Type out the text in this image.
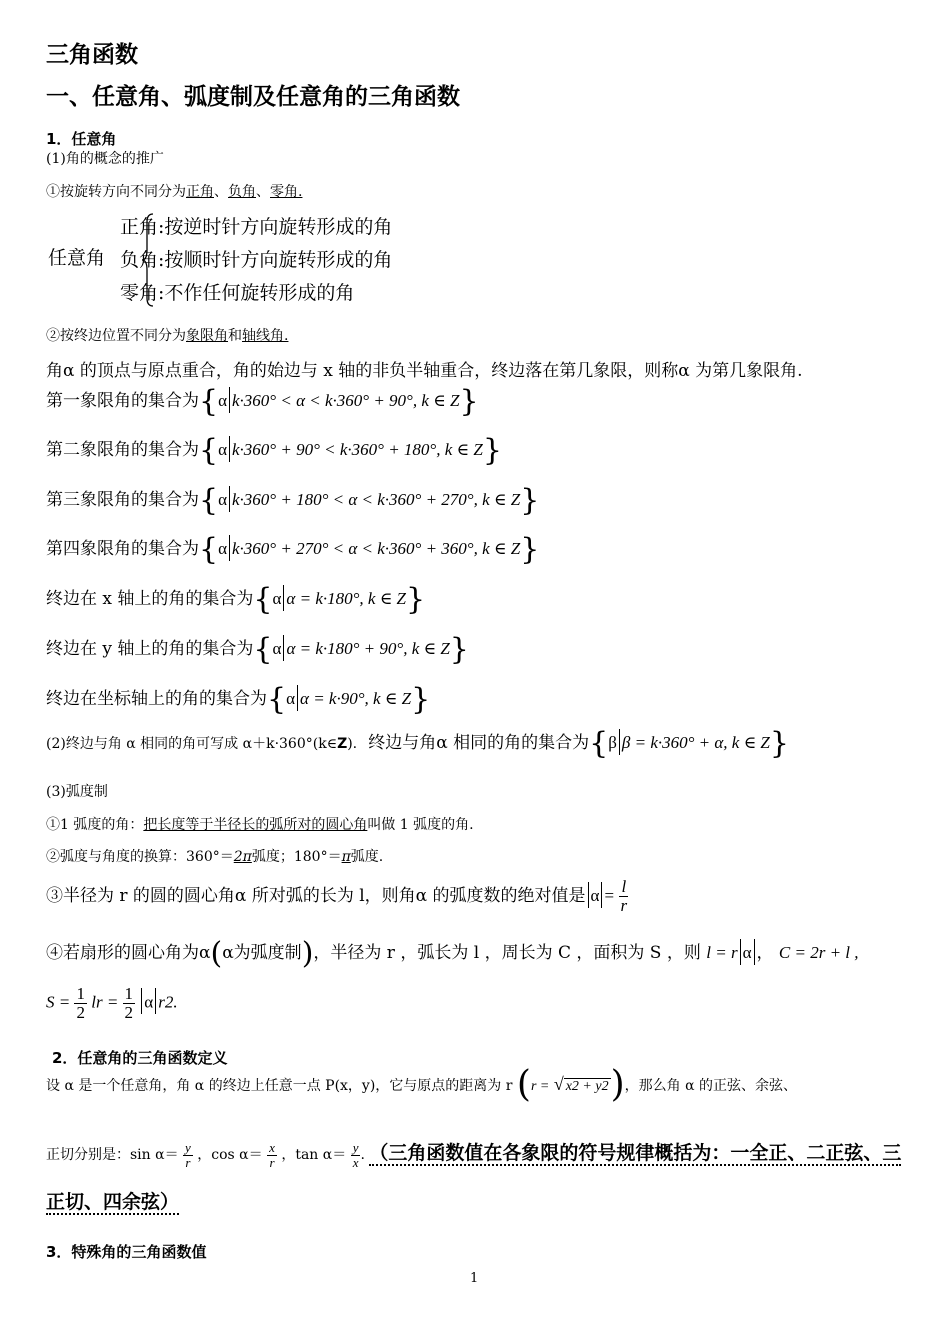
三角函数
一、任意角、弧度制及任意角的三角函数
1．任意角
(1)角的概念的推广
①按旋转方向不同分为正角、负角、零角.
任意角
正角:按逆时针方向旋转形成的角
负角:按顺时针方向旋转形成的角
零角:不作任何旋转形成的角
②按终边位置不同分为象限角和轴线角.
角α 的顶点与原点重合，角的始边与 x 轴的非负半轴重合，终边落在第几象限，则称α 为第几象限角.
第一象限角的集合为{α k·360° < α < k·360° + 90°, k ∈ Z}
第二象限角的集合为{α k·360° + 90° < k·360° + 180°, k ∈ Z}
第三象限角的集合为{α k·360° + 180° < α < k·360° + 270°, k ∈ Z}
第四象限角的集合为{α k·360° + 270° < α < k·360° + 360°, k ∈ Z}
终边在 x 轴上的角的集合为{α α = k·180°, k ∈ Z}
终边在 y 轴上的角的集合为{α α = k·180° + 90°, k ∈ Z}
终边在坐标轴上的角的集合为{α α = k·90°, k ∈ Z}
(2)终边与角 α 相同的角可写成 α＋k·360°(k∈Z). 终边与角α 相同的角的集合为{β β = k·360° + α, k ∈ Z}
(3)弧度制
①1 弧度的角：把长度等于半径长的弧所对的圆心角叫做 1 弧度的角.
②弧度与角度的换算：360°＝2π弧度；180°＝π弧度.
③半径为 r 的圆的圆心角α 所对弧的长为 l，则角α 的弧度数的绝对值是 $\alpha = \frac{l}{r}$
④若扇形的圆心角为α(α为弧度制)，半径为 r ，弧长为 l ，周长为 C ，面积为 S ，则 l = r α ， C = 2r + l ,
$S = \frac{1}{2}$ lr = $\frac{1}{2}$ α r2.
2．任意角的三角函数定义
设 α 是一个任意角，角 α 的终边上任意一点 P(x，y)，它与原点的距离为 r (r = √ x2 + y2)，那么角 α 的正弦、余弦、
正切分别是：$\sin \alpha= \frac{y}{r}$ ，$\cos \alpha= \frac{x}{r}$ ，$\tan \alpha= \frac{y}{x}$ . （三角函数值在各象限的符号规律概括为：一全正、二正弦、三
正切、四余弦）
3．特殊角的三角函数值
1
